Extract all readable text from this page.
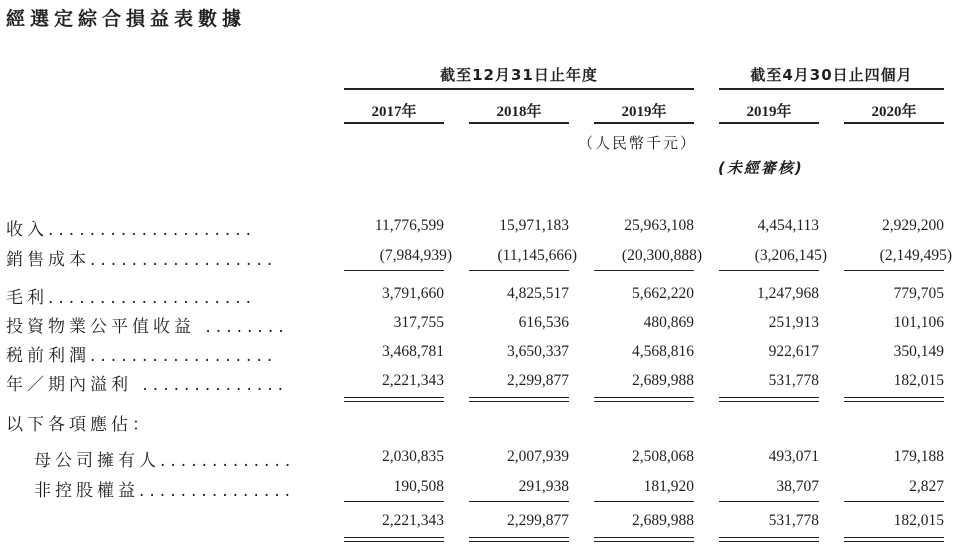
經選定綜合損益表數據
截至12月31日止年度	截至4月30日止四個月
2017年	2018年	2019年	2019年	2020年
（人民幣千元）
(未經審核)
收入....................	11,776,599	15,971,183	25,963,108	4,454,113	2,929,200
銷售成本..................	(7,984,939)	(11,145,666)	(20,300,888)	(3,206,145)	(2,149,495)
毛利....................	3,791,660	4,825,517	5,662,220	1,247,968	779,705
投資物業公平值收益 ........	317,755	616,536	480,869	251,913	101,106
税前利潤..................	3,468,781	3,650,337	4,568,816	922,617	350,149
年／期內溢利 ..............	2,221,343	2,299,877	2,689,988	531,778	182,015
以下各項應佔：
母公司擁有人.............	2,030,835	2,007,939	2,508,068	493,071	179,188
非控股權益...............	190,508	291,938	181,920	38,707	2,827
2,221,343	2,299,877	2,689,988	531,778	182,015
